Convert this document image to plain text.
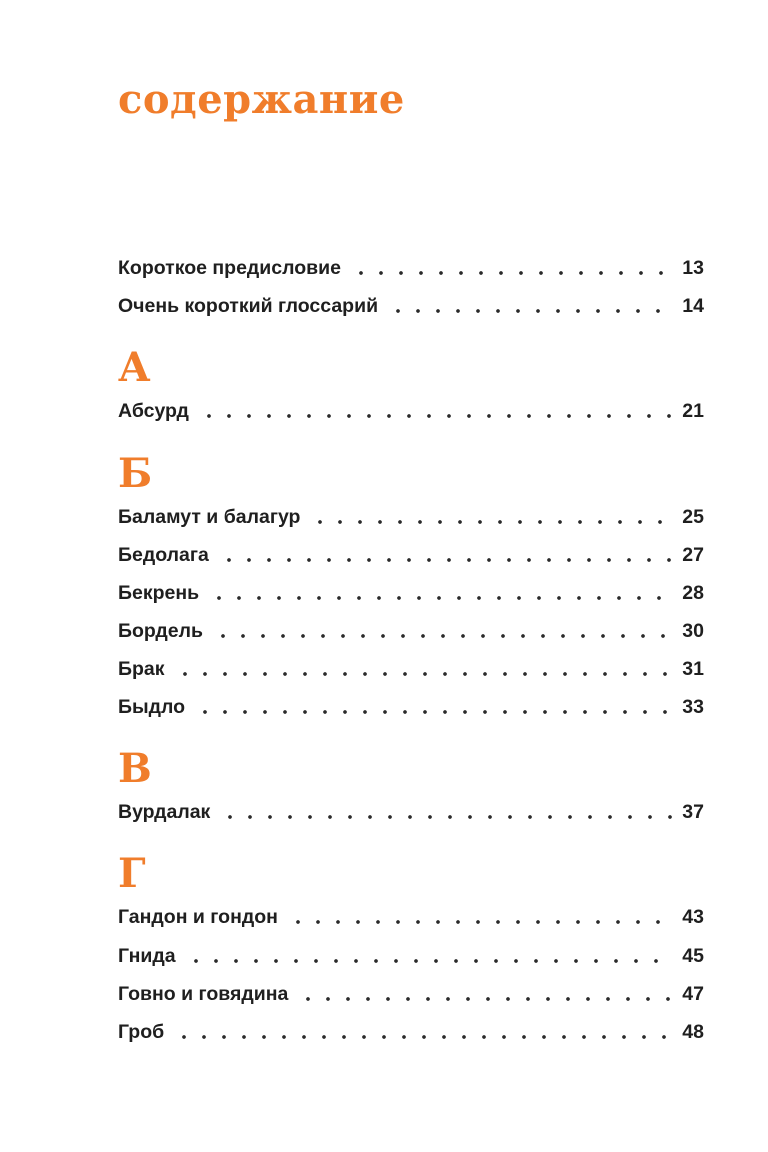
содержание
Короткое предисловие	13
Очень короткий глоссарий	14
А
Абсурд	21
Б
Баламут и балагур	25
Бедолага	27
Бекрень	28
Бордель	30
Брак	31
Быдло	33
В
Вурдалак	37
Г
Гандон и гондон	43
Гнида	45
Говно и говядина	47
Гроб	48
